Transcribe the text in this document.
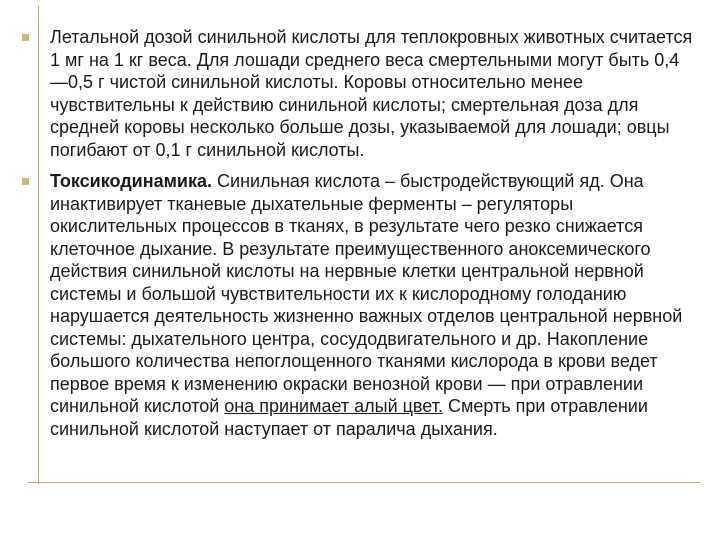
Летальной дозой синильной кислоты для теплокровных животных считается 1 мг на 1 кг веса. Для лошади среднего веса смертельными могут быть 0,4—0,5 г чистой синильной кислоты. Коровы относительно менее чувствительны к действию синильной кислоты; смертельная доза для средней коровы несколько больше дозы, указываемой для лошади; овцы погибают от 0,1 г синильной кислоты.
Токсикодинамика. Синильная кислота – быстродействующий яд. Она инактивирует тканевые дыхательные ферменты – регуляторы окислительных процессов в тканях, в результате чего резко снижается клеточное дыхание. В результате преимущественного аноксемического действия синильной кислоты на нервные клетки центральной нервной системы и большой чувствительности их к кислородному голоданию нарушается деятельность жизненно важных отделов центральной нервной системы: дыхательного центра, сосудодвигательного и др. Накопление большого количества непоглощенного тканями кислорода в крови ведет первое время к изменению окраски венозной крови — при отравлении синильной кислотой она принимает алый цвет. Смерть при отравлении синильной кислотой наступает от паралича дыхания.
